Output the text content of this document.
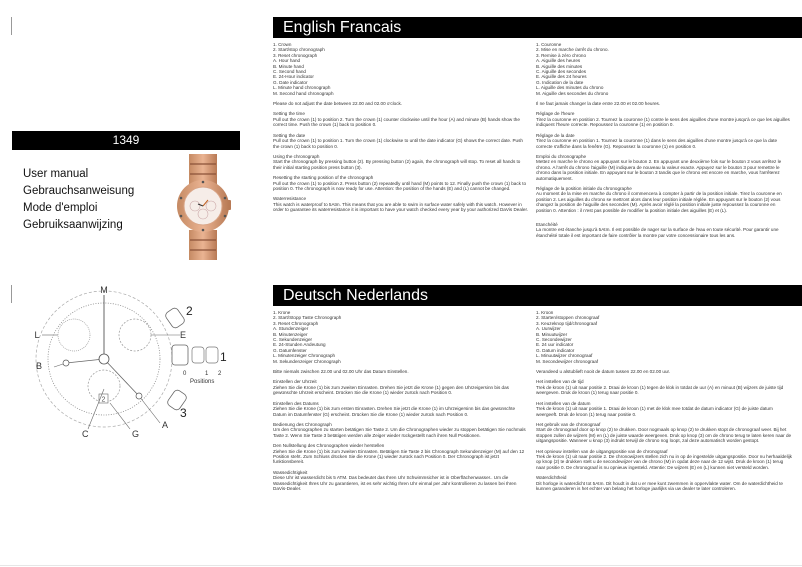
1349
User manual
Gebrauchsanweisung
Mode d'emploi
Gebruiksaanwijzing
2
M
L	E
B
C	G
A
2
3
1
0	1 2
Positions
English Francais
1. Crown
2. Start/stop chronograph
3. Reset chronograph
A. Hour hand
B. Minute hand
C. Second hand
E. 24-Hour indicator
G. Date indicator
L. Minute hand chronograph
M. Second hand chronograph
Please do not adjust the date between 22.00 and 02.00 o'clock.
Setting the time
Pull out the crown (1) to position 2. Turn the crown (1) counter clockwise until the hour (A) and minute (B) hands show the correct time. Push the crown (1) back to position 0.
Setting the date
Pull out the crown (1) to position 1. Turn the crown (1) clockwise to until the date indicator (G) shows the correct date. Push the crown (1) back to position 0.
Using the chronograph
Start the chronograph by pressing button (2). By pressing button (2) again, the chronograph will stop. To reset all hands to their initial starting position press button (3).
Resetting the starting position of the chronograph
Pull out the crown (1) to position 2. Press button (2) repeatedly until hand (M) points to 12. Finally push the crown (1) back to position 0. The chronograph is now ready for use. Attention: the position of the hands (E) and (L) cannot be changed.
Waterresistance
This watch is waterproof to 5Atm. This means that you are able to swim in surface water safely with this watch. However in order to guarantee its waterresistance it is important to have your watch checked every year by your authorized DaVis Dealer.
1. Couronne
2. Mise en marche /arrêt du chrono.
3. Remise à zéro chrono
A. Aiguille des heures
B. Aiguille des minutes
C. Aiguille des secondes
E. Aiguille des 24 heures
G. Indication de la date
L. Aiguille des minutes du chrono
M. Aiguille des secondes du chrono
Il ne faut jamais changer la date entre 22.00 et 02.00 heures.
Réglage de l'heure
Tirez la couronne en position 2. Tournez la couronne (1) contre le sens des aiguilles d'une montre jusqu'à ce que les aiguilles indiquent l'heure correcte. Repoussez la couronne (1) en position 0.
Réglage de la date
Tirez la couronne en position 1. Tournez la couronne (1) dans le sens des aiguilles d'une montre jusqu'à ce que la date correcte s'affiche dans la fenêtre (G). Repoussez la couronne (1) en position 0.
Emploi du chronographe
Mettez en marche le chrono en appuyant sur le bouton 2. En appuyant une deuxième fois sur le bouton 2 vous arrêtez le chrono. A l'arrêt du chrono l'aiguille (M) indiquera de nouveau la valeur exacte. Appuyez sur le bouton 3 pour remettre le chrono dans la position initiale. En appuyant sur le bouton 3 tandis que le chrono est encore en marche, vous l'arrêterez automatiquement.
Réglage de la position initiale du chronographe
Au moment de la mise en marche du chrono il commencera à compter à partir de la position initiale. Tirez la couronne en position 2. Les aiguilles du chrono se mettront alors dans leur position initiale réglée. En appuyant sur le bouton (2) vous changez la position de l'aiguille des secondes (M). Après avoir réglé la position initiale juste repoussez la couronne en position 0. Attention : il n'est pas possible de modifier la position initiale des aiguilles (E) et (L).
Etanchéité
La montre est étanche jusqu'à 5Atm. Il est possible de nager sur la surface de l'eau en toute sécurité. Pour garantir une étanchéité totale il est important de faire contrôler la montre par votre concessionaire tous les ans.
Deutsch Nederlands
1. Krone
2. Start/Stopp Taste Chronograph
3. Reset Chronograph
A. Stundenzeiger
B. Minutenzeiger
C. Sekundenzeiger
E. 24-Stunden Andeutung
G. Datumfenster
L. Minutenzeiger Chronograph
M. Sekundenzeiger Chronograph
Bitte niemals zwischen 22.00 und 02.00 Uhr das Datum Einstellen.
Einstellen der Uhrzeit
Ziehen Sie die Krone (1) bis zum zweiten Einrasten. Drehen Sie jetzt die Krone (1) gegen den Uhrzeigersinn bis das gewünschte Uhrzeit erscheint. Drücken Sie die Krone (1) wieder zurück nach Position 0.
Einstellen des Datums
Ziehen Sie die Krone (1) bis zum ersten Einrasten. Drehen Sie jetzt die Krone (1) im Uhrzeigersinn bis das gewünschte Datum im Datumfenster (G) erscheint. Drücken Sie die Krone (1) wieder zurück nach Position 0.
Bedienung des Chronograph
Um den Chronographen zu starten betätigen Sie Taste 2. Um die Chronographen wieder zu stoppen betätigen Sie nochmals Taste 2. Wenn Sie Taste 3 betätigen werden alle Zeiger wieder rückgestellt nach ihren Null Positionen.
Den Nullstellung des Chronographen wieder herstellen
Ziehen Sie die Krone (1) bis zum zweiten Einrasten. Betätigen Sie Taste 2 bis Chronograph Sekundenzeiger (M) auf den 12 Position steht. Zum Schluss drücken Sie die Krone (1) wieder zurück nach Position 0. Der Chronograph ist jetzt funktionsbereit.
Wassedichtigkeit
Diese Uhr ist wasserdicht bis 5 ATM. Das bedeutet das Ihren Uhr Schwimmsicher ist in Oberflächenwasser.. Um die Wassedichtigkeit Ihres Uhr zu garantieren, ist es sehr wichtig Ihren Uhr einmal per Jahr kontrollieren zu lassen bei Ihren DaVis-Dealer.
1. Kroon
2. Starten/stoppen chronograaf
3. Keuzeknop tijd/chronograaf
A. Uurwijzer
B. Minuutwijzer
C. Secondewijzer
E. 24 uur indicator
G. Datum indicator
L. Minuutwijzer chronograaf
M. Secondewijzer chronograaf
Verandeed u alstublieft nooit de datum tussen 22.00 en 02.00 uur.
Het instellen van de tijd
Trek de kroon (1) uit naar positie 2. Draai de kroon (1) tegen de klok in totdat de uur (A) en minuut (B) wijzers de juiste tijd weergeven. Druk de kroon (1) terug naar positie 0.
Het instellen van de datum
Trek de kroon (1) uit naar positie 1. Draai de kroon (1) met de klok mee totdat de datum indicator (G) de juiste datum weergeeft. Druk de kroon (1) terug naar positie 0.
Het gebruik van de chronograaf
Start de chronograaf door op knop (2) te drukken. Door nogmaals op knop (2) te drukken stopt de chronograaf weer. Bij het stoppen zullen de wijzers (M) en (L) de juiste waarde weergeven. Druk op knop (3) om de chrono terug te laten keren naar de uitgangspositie. Wanneer u knop (3) indrukt terwijl de chrono nog loopt, zal deze automatisch worden gestopt.
Het opnieuw instellen van de uitgangspositie van de chronograaf
Trek de kroon (1) uit naar positie 2. De chronowijzers stellen zich nu in op de ingestelde uitgangspositie. Door nu herhaaldelijk op knop (2) te drukken stelt u de secondewijzer van de chrono (M) in opdat deze naar de 12 wijst. Druk de kroon (1) terug naar positie 0. De chronograaf is nu opnieuw ingesteld. Attentie: De wijzers (E) en (L) kunnen niet versteld worden.
Waterdichtheid
Dit horloge is waterdicht tot 5Atm. Dit houdt in dat u er mee kunt zwemmen in oppervlakte water. Om de waterdichtheid te kunnen garanderen is het echter van belang het horloge jaarlijks via uw dealer te later controleren.
